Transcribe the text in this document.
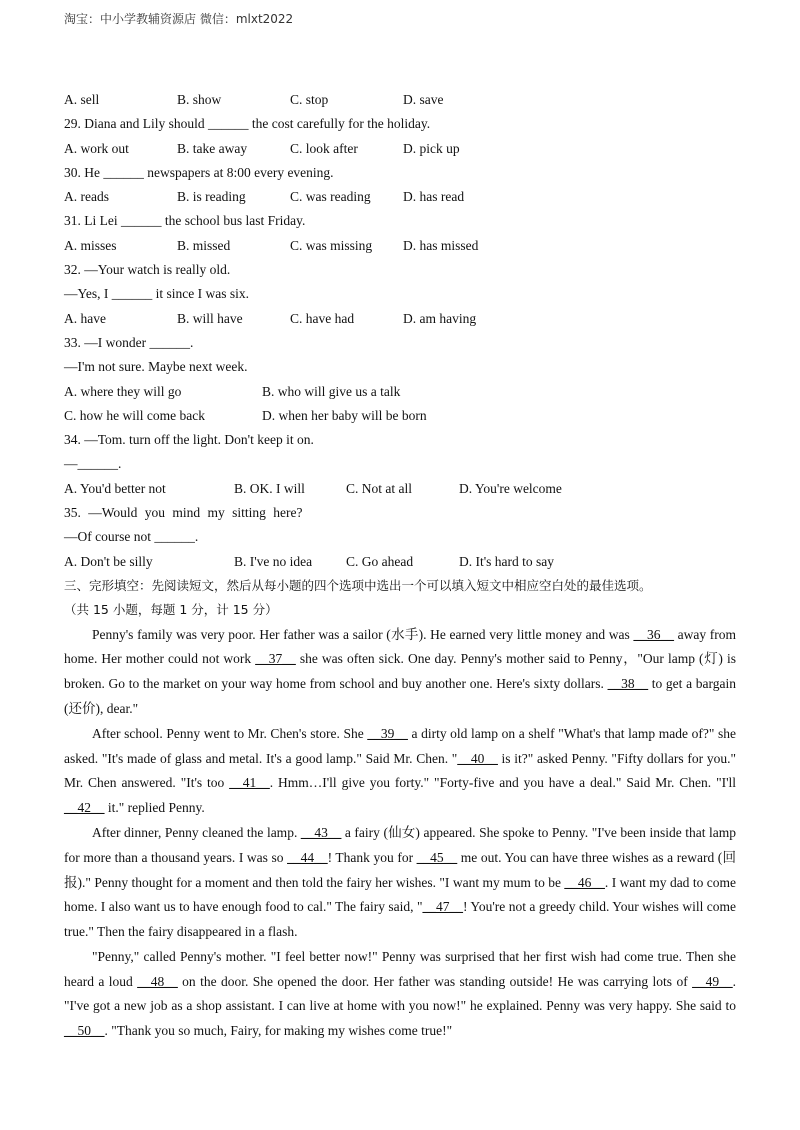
淘宝：中小学教辅资源店 微信：mlxt2022
A. sell	B. show	C. stop	D. save
29. Diana and Lily should ______ the cost carefully for the holiday.
A. work out	B. take away	C. look after	D. pick up
30. He ______ newspapers at 8:00 every evening.
A. reads	B. is reading	C. was reading D. has read
31. Li Lei ______ the school bus last Friday.
A. misses	B. missed	C. was missing D. has missed
32. —Your watch is really old.
—Yes, I ______ it since I was six.
A. have	B. will have	C. have had	D. am having
33. —I wonder ______.
—I'm not sure. Maybe next week.
A. where they will go	B. who will give us a talk
C. how he will come back	D. when her baby will be born
34. —Tom. turn off the light. Don't keep it on.
—______.
A. You'd better not	B. OK. I will	C. Not at all	D. You're welcome
35. —Would you mind my sitting here?
—Of course not ______.
A. Don't be silly	B. I've no idea	C. Go ahead	D. It's hard to say
三、完形填空：先阅读短文，然后从每小题的四个选项中选出一个可以填入短文中相应空白处的最佳选项。
（共 15 小题，每题 1 分，计 15 分）

Penny's family was very poor. Her father was a sailor (水手). He earned very little money and was __36__ away from home. Her mother could not work __37__ she was often sick. One day. Penny's mother said to Penny，"Our lamp (灯) is broken. Go to the market on your way home from school and buy another one. Here's sixty dollars. __38__ to get a bargain (还价), dear."

After school. Penny went to Mr. Chen's store. She __39__ a dirty old lamp on a shelf "What's that lamp made of?" she asked. "It's made of glass and metal. It's a good lamp." Said Mr. Chen. "__40__ is it?" asked Penny. "Fifty dollars for you." Mr. Chen answered. "It's too __41__. Hmm…I'll give you forty." "Forty-five and you have a deal." Said Mr. Chen. "I'll __42__ it." replied Penny.

After dinner, Penny cleaned the lamp. __43__ a fairy (仙女) appeared. She spoke to Penny. "I've been inside that lamp for more than a thousand years. I was so __44__! Thank you for __45__ me out. You can have three wishes as a reward (回报)." Penny thought for a moment and then told the fairy her wishes. "I want my mum to be __46__. I want my dad to come home. I also want us to have enough food to cal." The fairy said, "__47__! You're not a greedy child. Your wishes will come true." Then the fairy disappeared in a flash.

"Penny," called Penny's mother. "I feel better now!" Penny was surprised that her first wish had come true. Then she heard a loud __48__ on the door. She opened the door. Her father was standing outside! He was carrying lots of __49__. "I've got a new job as a shop assistant. I can live at home with you now!" he explained. Penny was very happy. She said to __50__. "Thank you so much, Fairy, for making my wishes come true!"
